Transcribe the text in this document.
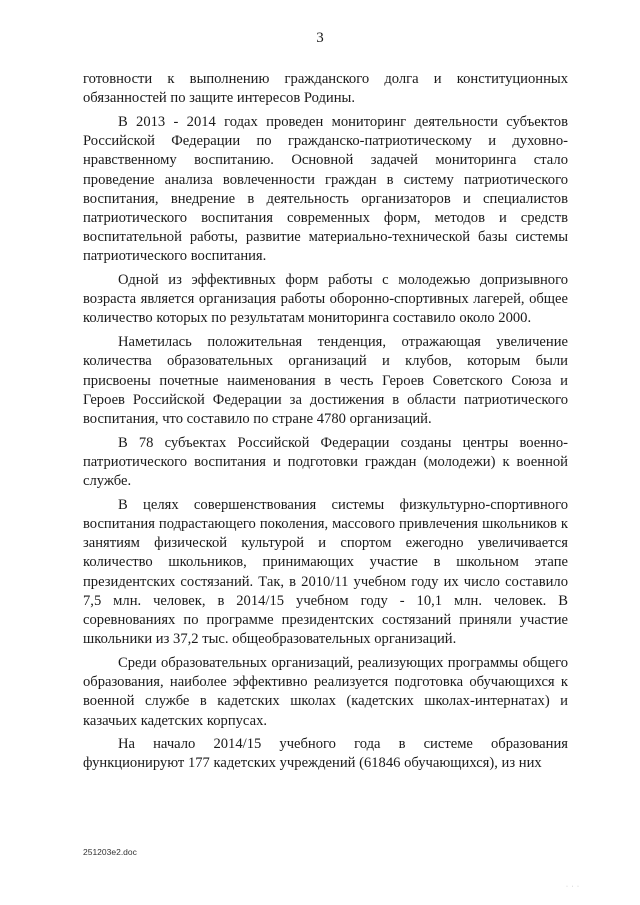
3

готовности к выполнению гражданского долга и конституционных обязанностей по защите интересов Родины.

В 2013 - 2014 годах проведен мониторинг деятельности субъектов Российской Федерации по гражданско-патриотическому и духовно-нравственному воспитанию. Основной задачей мониторинга стало проведение анализа вовлеченности граждан в систему патриотического воспитания, внедрение в деятельность организаторов и специалистов патриотического воспитания современных форм, методов и средств воспитательной работы, развитие материально-технической базы системы патриотического воспитания.

Одной из эффективных форм работы с молодежью допризывного возраста является организация работы оборонно-спортивных лагерей, общее количество которых по результатам мониторинга составило около 2000.

Наметилась положительная тенденция, отражающая увеличение количества образовательных организаций и клубов, которым были присвоены почетные наименования в честь Героев Советского Союза и Героев Российской Федерации за достижения в области патриотического воспитания, что составило по стране 4780 организаций.

В 78 субъектах Российской Федерации созданы центры военно-патриотического воспитания и подготовки граждан (молодежи) к военной службе.

В целях совершенствования системы физкультурно-спортивного воспитания подрастающего поколения, массового привлечения школьников к занятиям физической культурой и спортом ежегодно увеличивается количество школьников, принимающих участие в школьном этапе президентских состязаний. Так, в 2010/11 учебном году их число составило 7,5 млн. человек, в 2014/15 учебном году - 10,1 млн. человек. В соревнованиях по программе президентских состязаний приняли участие школьники из 37,2 тыс. общеобразовательных организаций.

Среди образовательных организаций, реализующих программы общего образования, наиболее эффективно реализуется подготовка обучающихся к военной службе в кадетских школах (кадетских школах-интернатах) и казачьих кадетских корпусах.

На начало 2014/15 учебного года в системе образования функционируют 177 кадетских учреждений (61846 обучающихся), из них

251203e2.doc
· · ·
